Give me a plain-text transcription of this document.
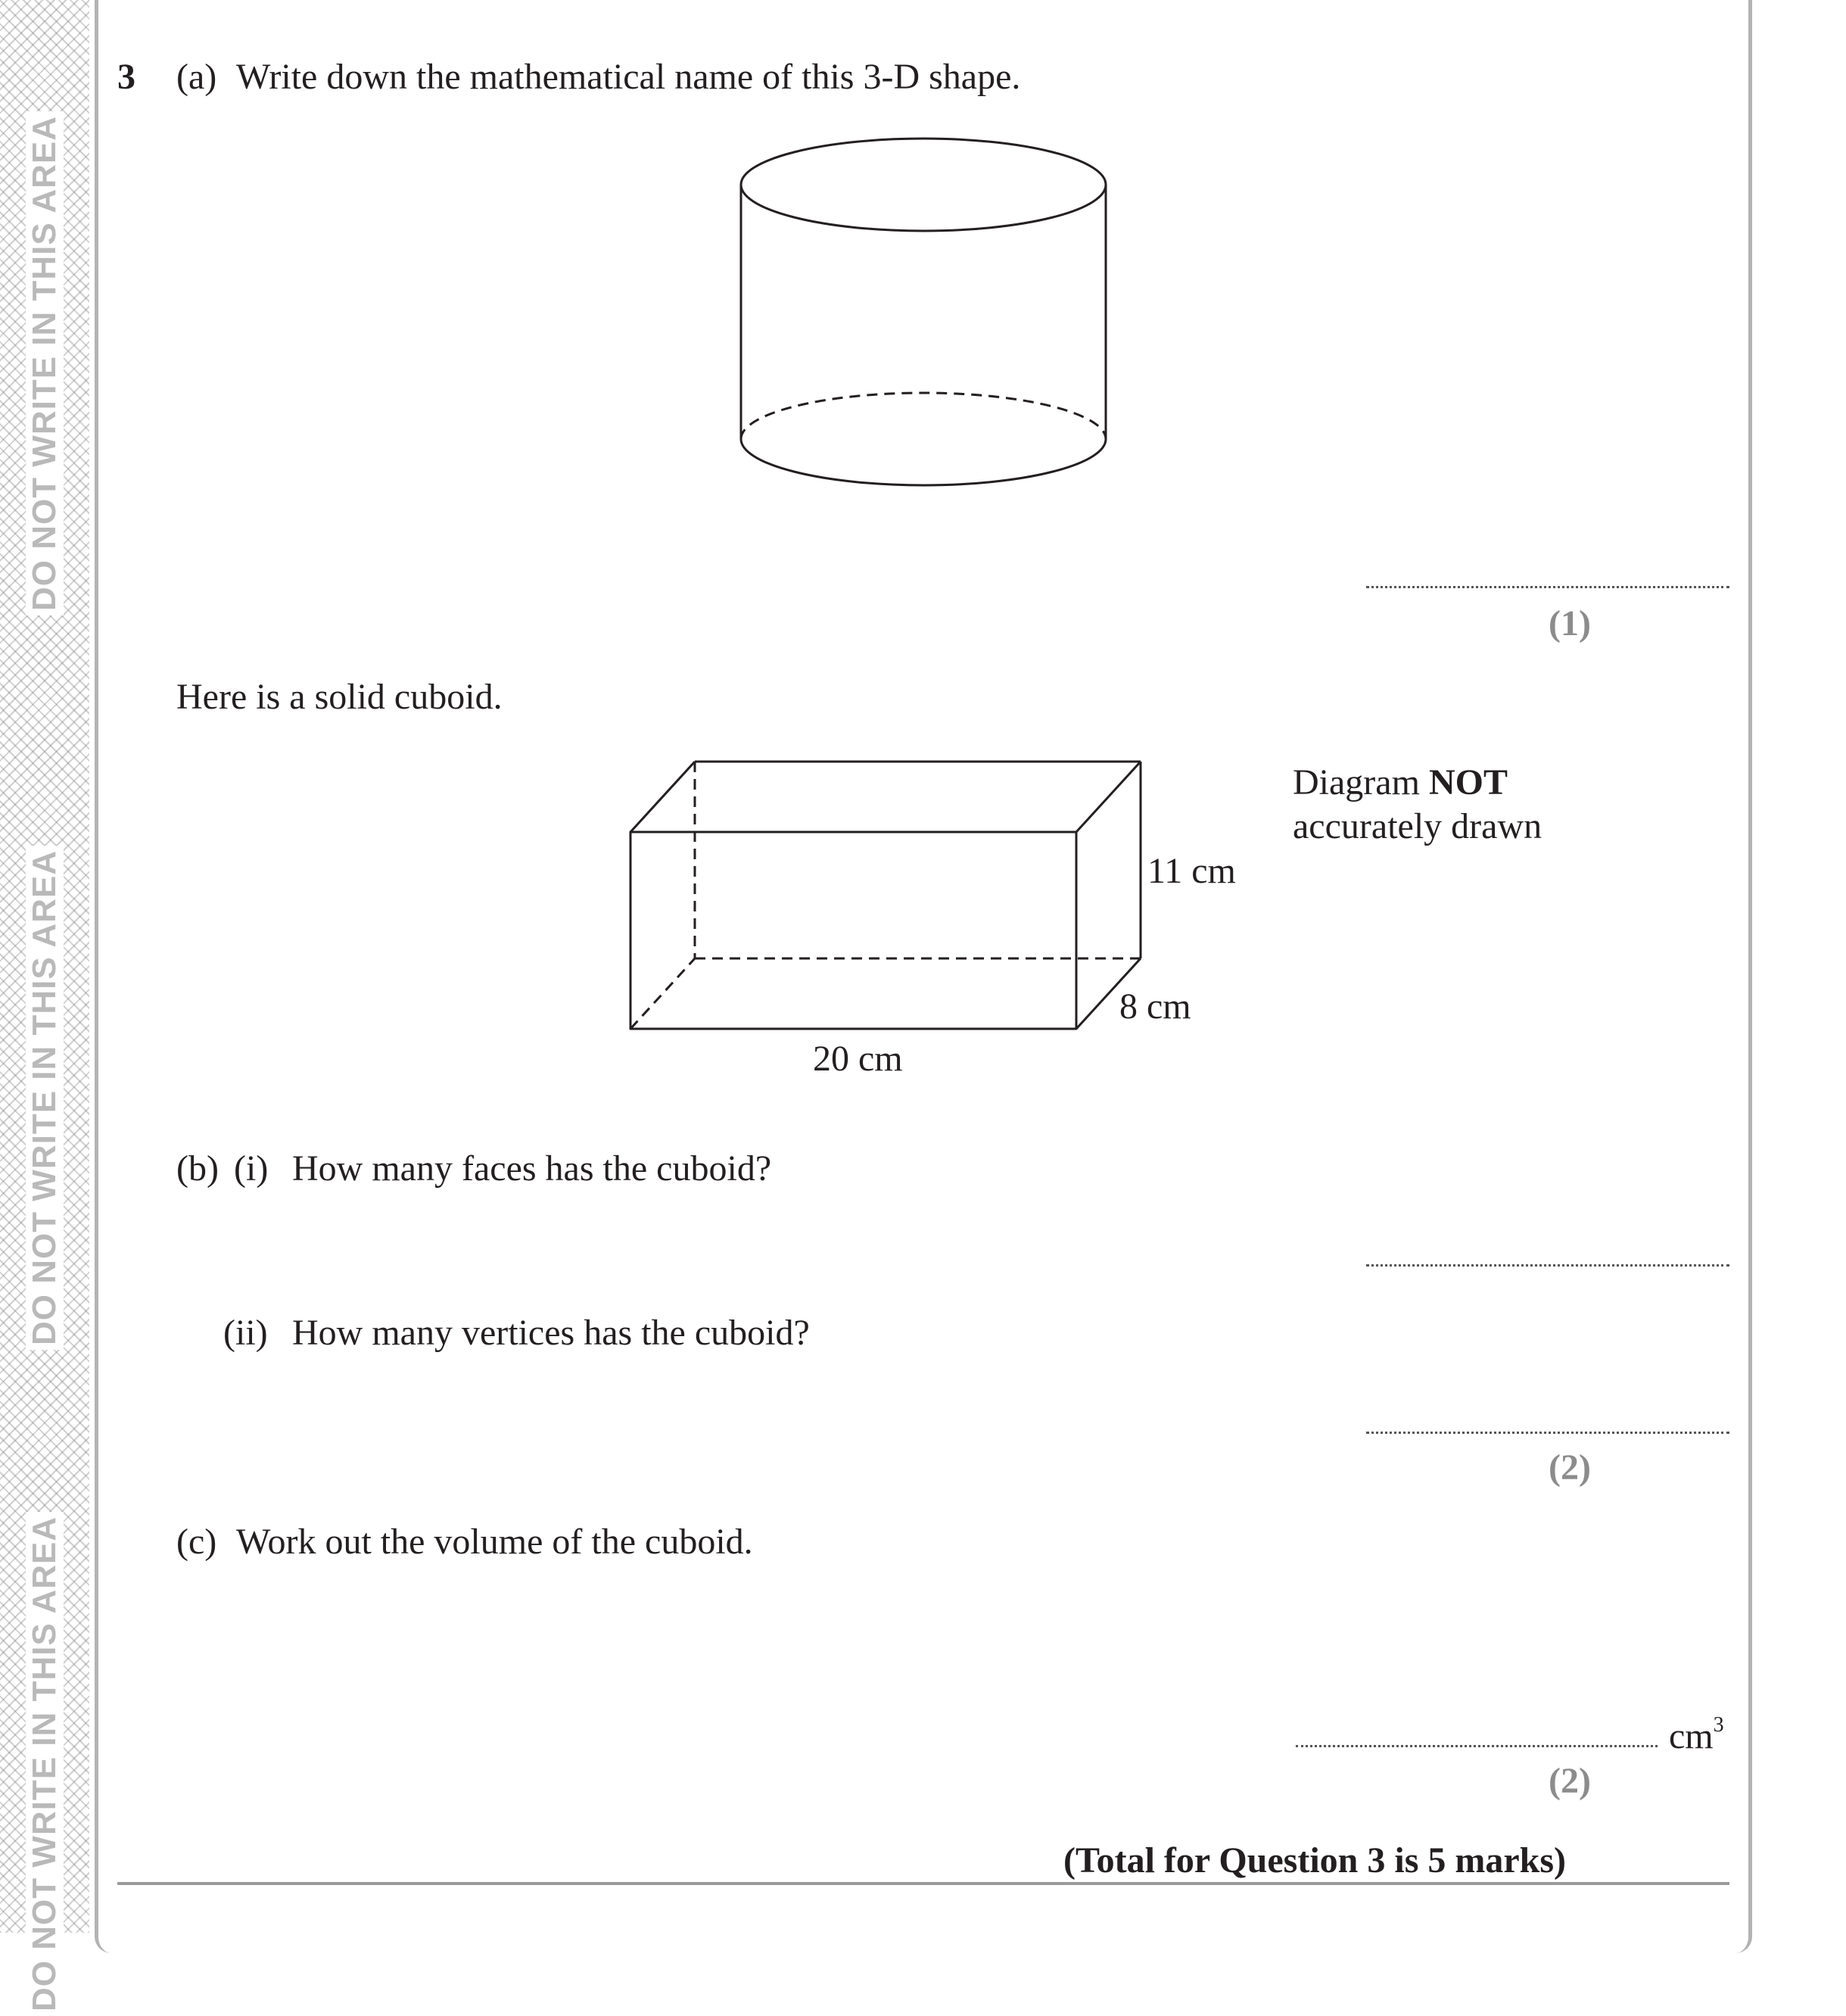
DO NOT WRITE IN THIS AREA
DO NOT WRITE IN THIS AREA
DO NOT WRITE IN THIS AREA
3 (a) Write down the mathematical name of this 3-D shape.
(1)
Here is a solid cuboid.
Diagram NOT
accurately drawn
11 cm
8 cm
20 cm
(b) (i) How many faces has the cuboid?
(ii) How many vertices has the cuboid?
(2)
(c) Work out the volume of the cuboid.
$cm^3$
(2)
(Total for Question 3 is 5 marks)
